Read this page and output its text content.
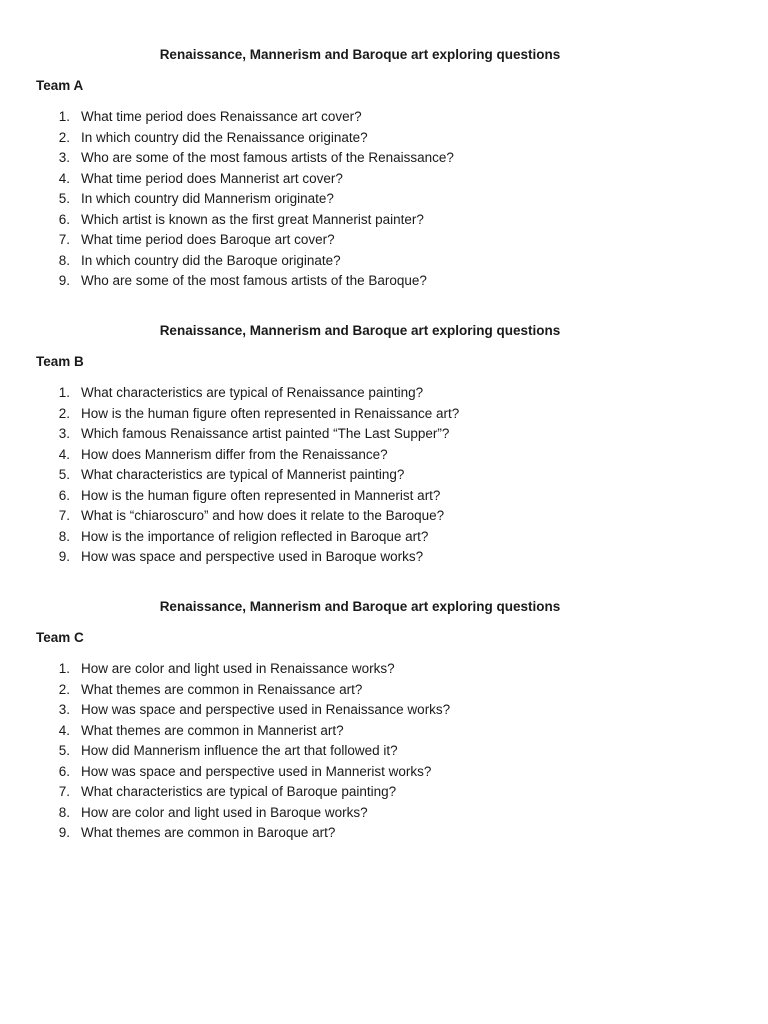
Renaissance, Mannerism and Baroque art exploring questions
Team A
1. What time period does Renaissance art cover?
2. In which country did the Renaissance originate?
3. Who are some of the most famous artists of the Renaissance?
4. What time period does Mannerist art cover?
5. In which country did Mannerism originate?
6. Which artist is known as the first great Mannerist painter?
7. What time period does Baroque art cover?
8. In which country did the Baroque originate?
9. Who are some of the most famous artists of the Baroque?
Renaissance, Mannerism and Baroque art exploring questions
Team B
1. What characteristics are typical of Renaissance painting?
2. How is the human figure often represented in Renaissance art?
3. Which famous Renaissance artist painted “The Last Supper”?
4. How does Mannerism differ from the Renaissance?
5. What characteristics are typical of Mannerist painting?
6. How is the human figure often represented in Mannerist art?
7. What is “chiaroscuro” and how does it relate to the Baroque?
8. How is the importance of religion reflected in Baroque art?
9. How was space and perspective used in Baroque works?
Renaissance, Mannerism and Baroque art exploring questions
Team C
1. How are color and light used in Renaissance works?
2. What themes are common in Renaissance art?
3. How was space and perspective used in Renaissance works?
4. What themes are common in Mannerist art?
5. How did Mannerism influence the art that followed it?
6. How was space and perspective used in Mannerist works?
7. What characteristics are typical of Baroque painting?
8. How are color and light used in Baroque works?
9. What themes are common in Baroque art?
